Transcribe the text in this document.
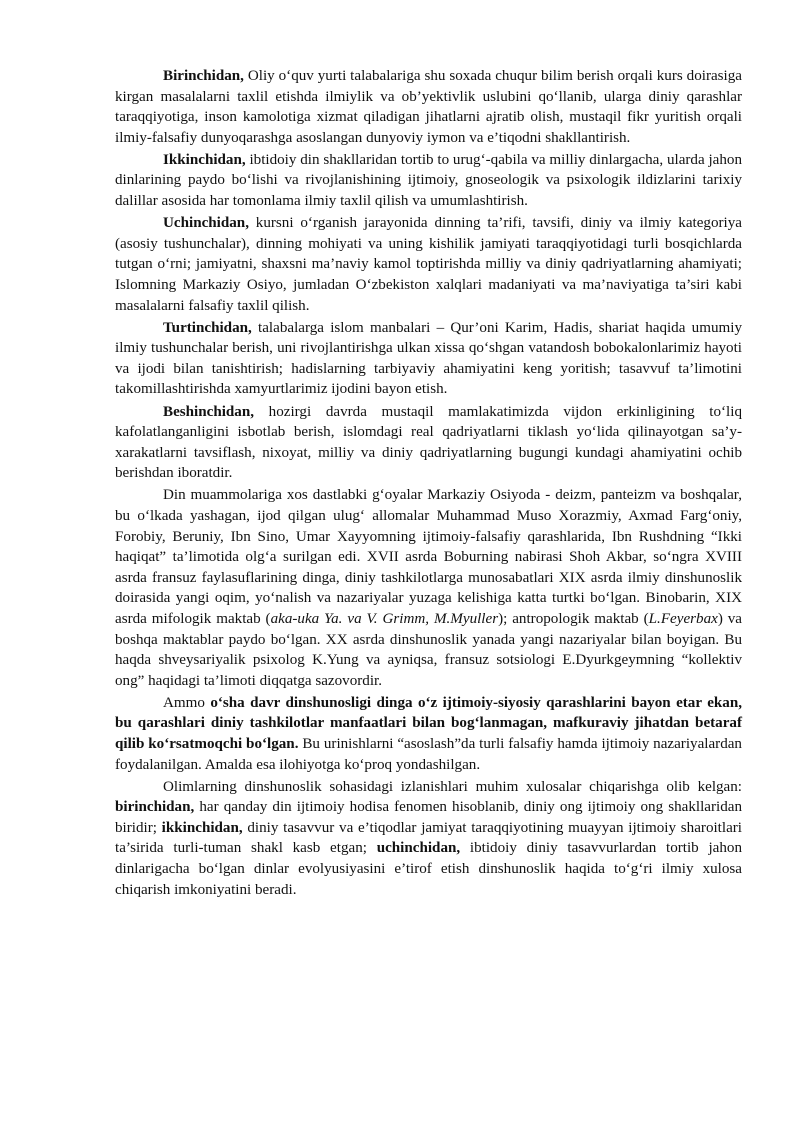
Birinchidan, Oliy o‘quv yurti talabalariga shu soxada chuqur bilim berish orqali kurs doirasiga kirgan masalalarni taxlil etishda ilmiylik va ob’yektivlik uslubini qo‘llanib, ularga diniy qarashlar taraqqiyotiga, inson kamolotiga xizmat qiladigan jihatlarni ajratib olish, mustaqil fikr yuritish orqali ilmiy-falsafiy dunyoqarashga asoslangan dunyoviy iymon va e’tiqodni shakllantirish.

Ikkinchidan, ibtidoiy din shakllaridan tortib to urug‘-qabila va milliy dinlargacha, ularda jahon dinlarining paydo bo‘lishi va rivojlanishining ijtimoiy, gnoseologik va psixologik ildizlarini tarixiy dalillar asosida har tomonlama ilmiy taxlil qilish va umumlashtirish.

Uchinchidan, kursni o‘rganish jarayonida dinning ta’rifi, tavsifi, diniy va ilmiy kategoriya (asosiy tushunchalar), dinning mohiyati va uning kishilik jamiyati taraqqiyotidagi turli bosqichlarda tutgan o‘rni; jamiyatni, shaxsni ma’naviy kamol toptirishda milliy va diniy qadriyatlarning ahamiyati; Islomning Markaziy Osiyo, jumladan O‘zbekiston xalqlari madaniyati va ma’naviyatiga ta’siri kabi masalalarni falsafiy taxlil qilish.

Turtinchidan, talabalarga islom manbalari – Qur’oni Karim, Hadis, shariat haqida umumiy ilmiy tushunchalar berish, uni rivojlantirishga ulkan xissa qo‘shgan vatandosh bobokalonlarimiz hayoti va ijodi bilan tanishtirish; hadislarning tarbiyaviy ahamiyatini keng yoritish; tasavvuf ta’limotini takomillashtirishda xamyurtlarimiz ijodini bayon etish.

Beshinchidan, hozirgi davrda mustaqil mamlakatimizda vijdon erkinligining to‘liq kafolatlanganligini isbotlab berish, islomdagi real qadriyatlarni tiklash yo‘lida qilinayotgan sa’y-xarakatlarni tavsiflash, nixoyat, milliy va diniy qadriyatlarning bugungi kundagi ahamiyatini ochib berishdan iboratdir.

Din muammolariga xos dastlabki g‘oyalar Markaziy Osiyoda - deizm, panteizm va boshqalar, bu o‘lkada yashagan, ijod qilgan ulug‘ allomalar Muhammad Muso Xorazmiy, Axmad Farg‘oniy, Forobiy, Beruniy, Ibn Sino, Umar Xayyomning ijtimoiy-falsafiy qarashlarida, Ibn Rushdning “Ikki haqiqat” ta’limotida olg‘a surilgan edi. XVII asrda Boburning nabirasi Shoh Akbar, so‘ngra XVIII asrda fransuz faylasuflarining dinga, diniy tashkilotlarga munosabatlari XIX asrda ilmiy dinshunoslik doirasida yangi oqim, yo‘nalish va nazariyalar yuzaga kelishiga katta turtki bo‘lgan. Binobarin, XIX asrda mifologik maktab (aka-uka Ya. va V. Grimm, M.Myuller); antropologik maktab (L.Feyerbax) va boshqa maktablar paydo bo‘lgan. XX asrda dinshunoslik yanada yangi nazariyalar bilan boyigan. Bu haqda shveysariyalik psixolog K.Yung va ayniqsa, fransuz sotsiologi E.Dyurkgeymning “kollektiv ong” haqidagi ta’limoti diqqatga sazovordir.

Ammo o‘sha davr dinshunosligi dinga o‘z ijtimoiy-siyosiy qarashlarini bayon etar ekan, bu qarashlari diniy tashkilotlar manfaatlari bilan bog‘lanmagan, mafkuraviy jihatdan betaraf qilib ko‘rsatmoqchi bo‘lgan. Bu urinishlarni “asoslash”da turli falsafiy hamda ijtimoiy nazariyalardan foydalanilgan. Amalda esa ilohiyotga ko‘proq yondashilgan.

Olimlarning dinshunoslik sohasidagi izlanishlari muhim xulosalar chiqarishga olib kelgan: birinchidan, har qanday din ijtimoiy hodisa fenomen hisoblanib, diniy ong ijtimoiy ong shakllaridan biridir; ikkinchidan, diniy tasavvur va e’tiqodlar jamiyat taraqqiyotining muayyan ijtimoiy sharoitlari ta’sirida turli-tuman shakl kasb etgan; uchinchidan, ibtidoiy diniy tasavvurlardan tortib jahon dinlarigacha bo‘lgan dinlar evolyusiyasini e’tirof etish dinshunoslik haqida to‘g‘ri ilmiy xulosa chiqarish imkoniyatini beradi.
